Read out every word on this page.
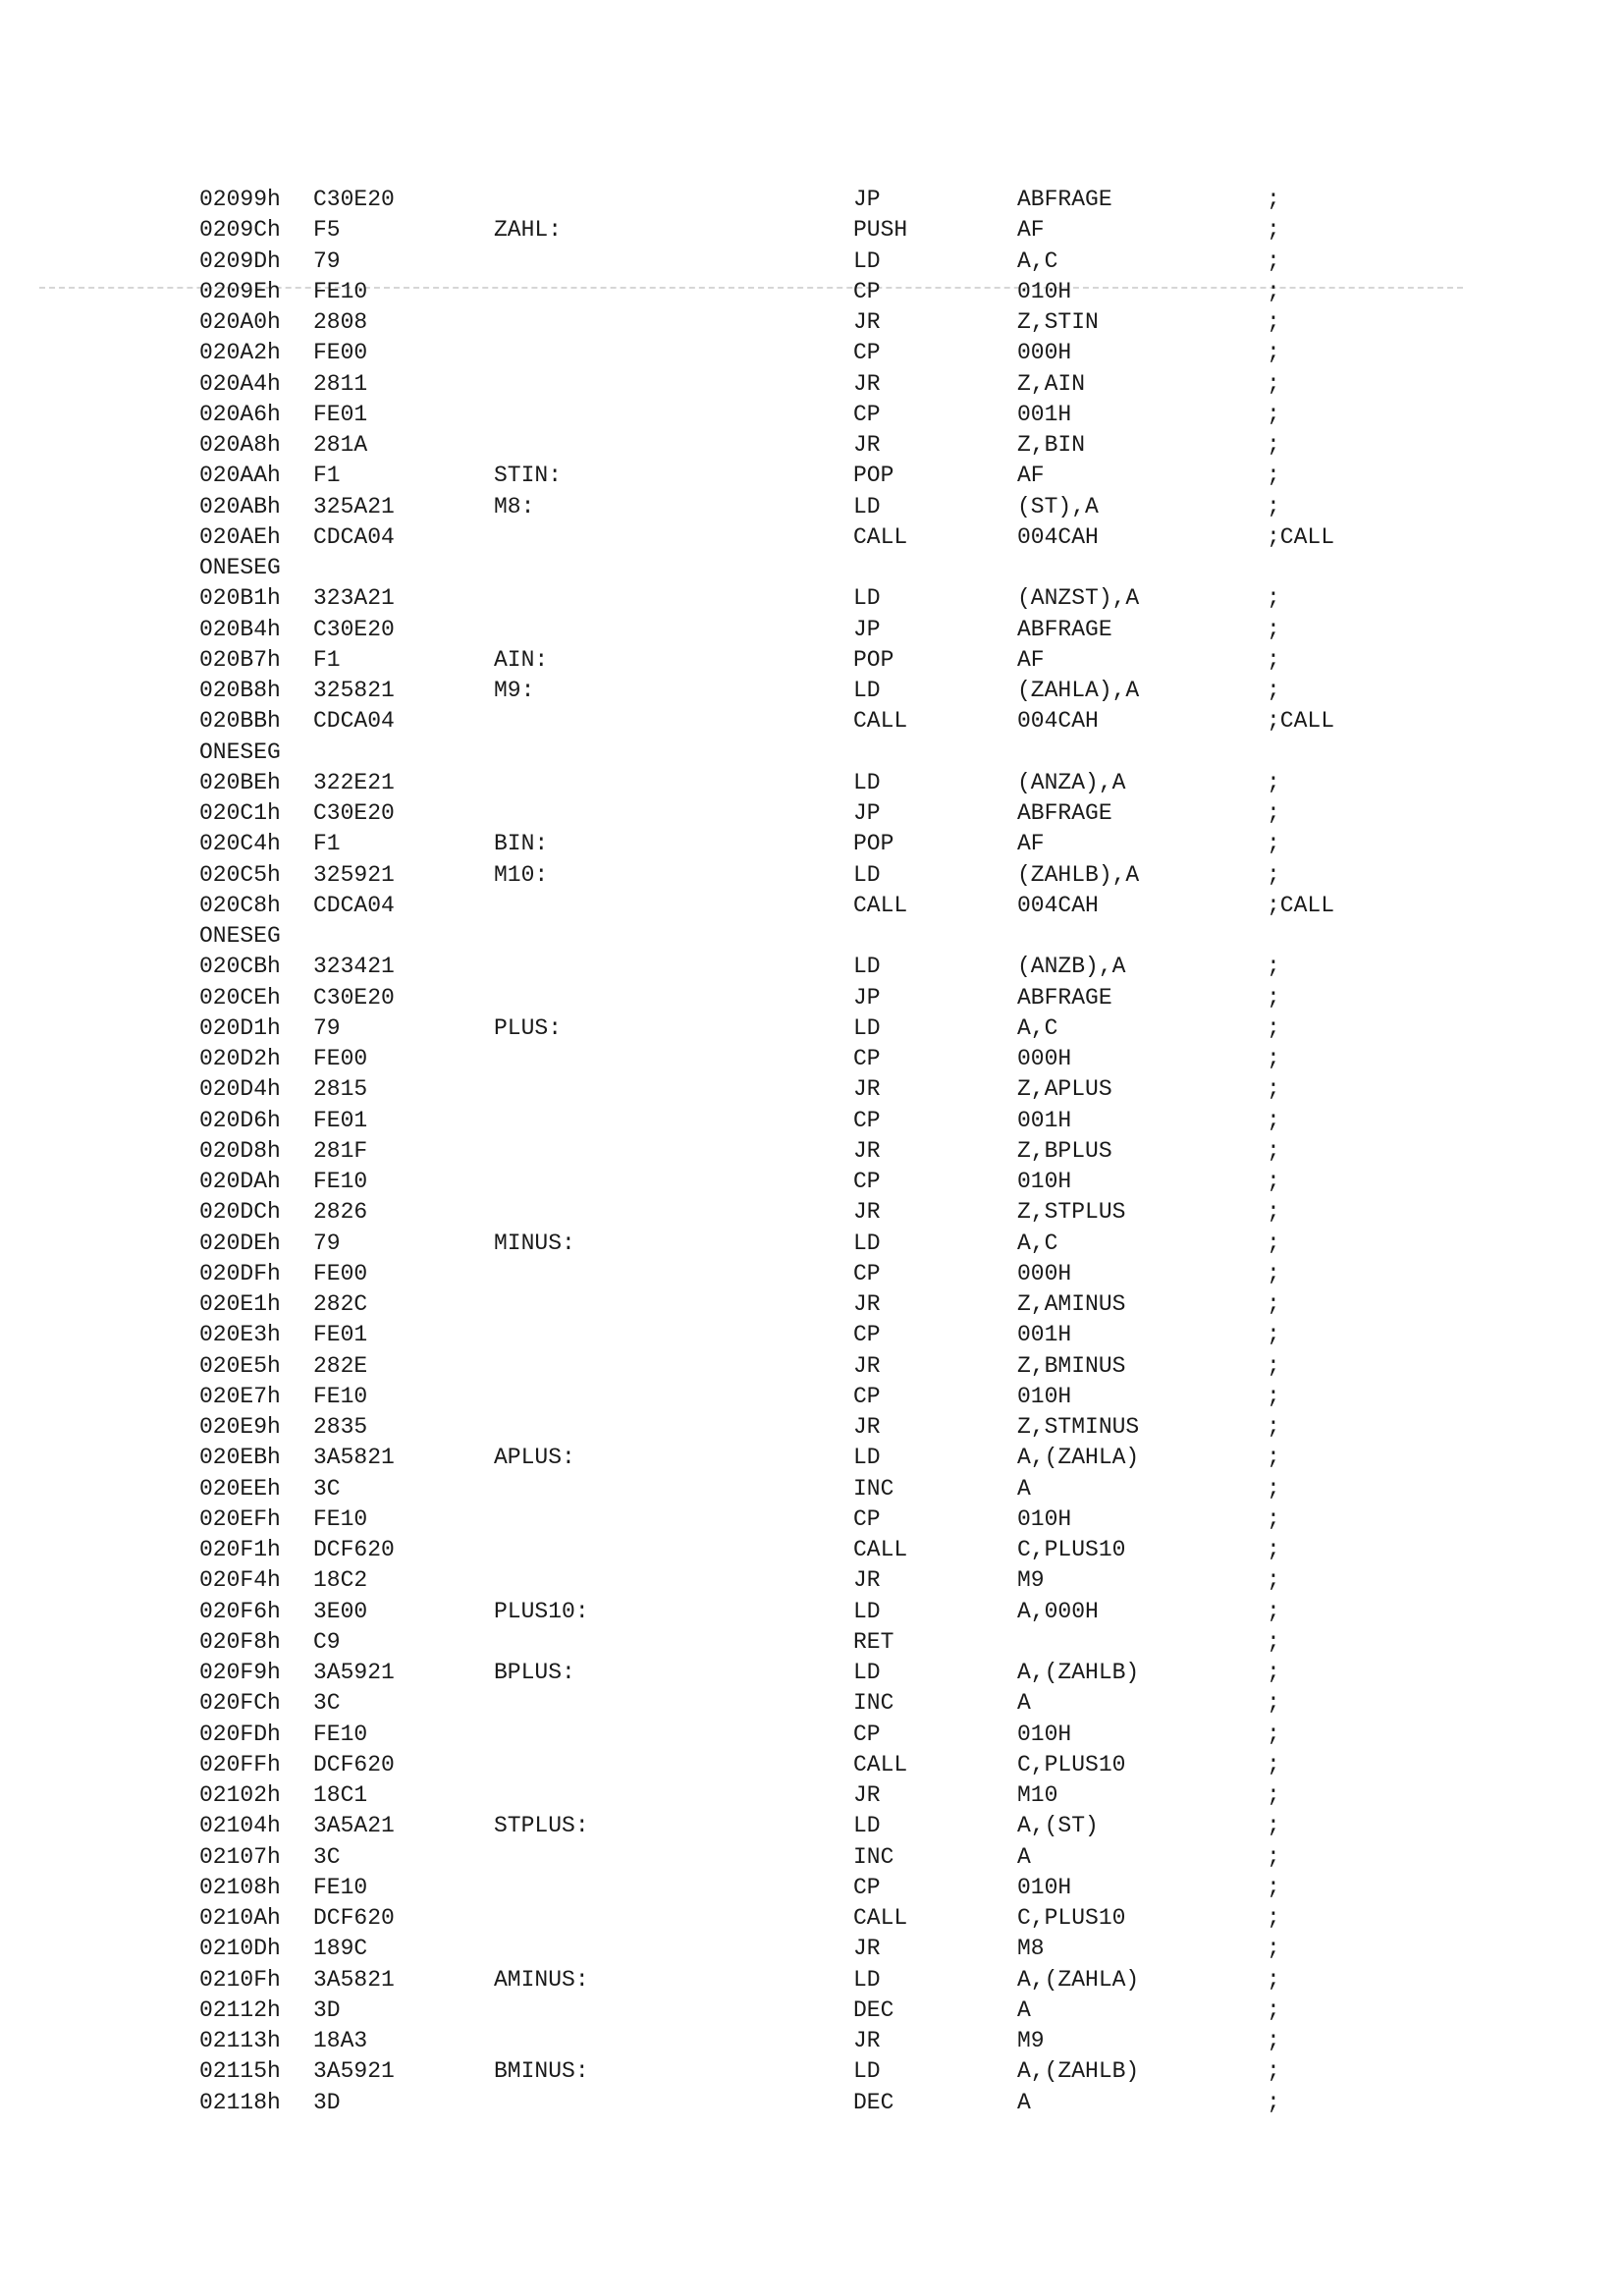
02099h C30E20	JP	ABFRAGE	;
0209Ch F5	ZAHL:	PUSH	AF	;
0209Dh 79	LD	A,C	;
0209Eh FE10	CP	010H	;
020A0h 2808	JR	Z,STIN	;
020A2h FE00	CP	000H	;
020A4h 2811	JR	Z,AIN	;
020A6h FE01	CP	001H	;
020A8h 281A	JR	Z,BIN	;
020AAh F1	STIN:	POP	AF	;
020ABh 325A21	M8:	LD	(ST),A	;
020AEh CDCA04	CALL	004CAH	;CALL
ONESEG
020B1h 323A21	LD	(ANZST),A	;
020B4h C30E20	JP	ABFRAGE	;
020B7h F1	AIN:	POP	AF	;
020B8h 325821	M9:	LD	(ZAHLA),A	;
020BBh CDCA04	CALL	004CAH	;CALL
ONESEG
020BEh 322E21	LD	(ANZA),A	;
020C1h C30E20	JP	ABFRAGE	;
020C4h F1	BIN:	POP	AF	;
020C5h 325921	M10:	LD	(ZAHLB),A	;
020C8h CDCA04	CALL	004CAH	;CALL
ONESEG
020CBh 323421	LD	(ANZB),A	;
020CEh C30E20	JP	ABFRAGE	;
020D1h 79	PLUS:	LD	A,C	;
020D2h FE00	CP	000H	;
020D4h 2815	JR	Z,APLUS	;
020D6h FE01	CP	001H	;
020D8h 281F	JR	Z,BPLUS	;
020DAh FE10	CP	010H	;
020DCh 2826	JR	Z,STPLUS	;
020DEh 79	MINUS:	LD	A,C	;
020DFh FE00	CP	000H	;
020E1h 282C	JR	Z,AMINUS	;
020E3h FE01	CP	001H	;
020E5h 282E	JR	Z,BMINUS	;
020E7h FE10	CP	010H	;
020E9h 2835	JR	Z,STMINUS	;
020EBh 3A5821	APLUS:	LD	A,(ZAHLA)	;
020EEh 3C	INC	A	;
020EFh FE10	CP	010H	;
020F1h DCF620	CALL	C,PLUS10	;
020F4h 18C2	JR	M9	;
020F6h 3E00	PLUS10:	LD	A,000H	;
020F8h C9	RET	;
020F9h 3A5921	BPLUS:	LD	A,(ZAHLB)	;
020FCh 3C	INC	A	;
020FDh FE10	CP	010H	;
020FFh DCF620	CALL	C,PLUS10	;
02102h 18C1	JR	M10	;
02104h 3A5A21	STPLUS:	LD	A,(ST)	;
02107h 3C	INC	A	;
02108h FE10	CP	010H	;
0210Ah DCF620	CALL	C,PLUS10	;
0210Dh 189C	JR	M8	;
0210Fh 3A5821	AMINUS:	LD	A,(ZAHLA)	;
02112h 3D	DEC	A	;
02113h 18A3	JR	M9	;
02115h 3A5921	BMINUS:	LD	A,(ZAHLB)	;
02118h 3D	DEC	A	;
